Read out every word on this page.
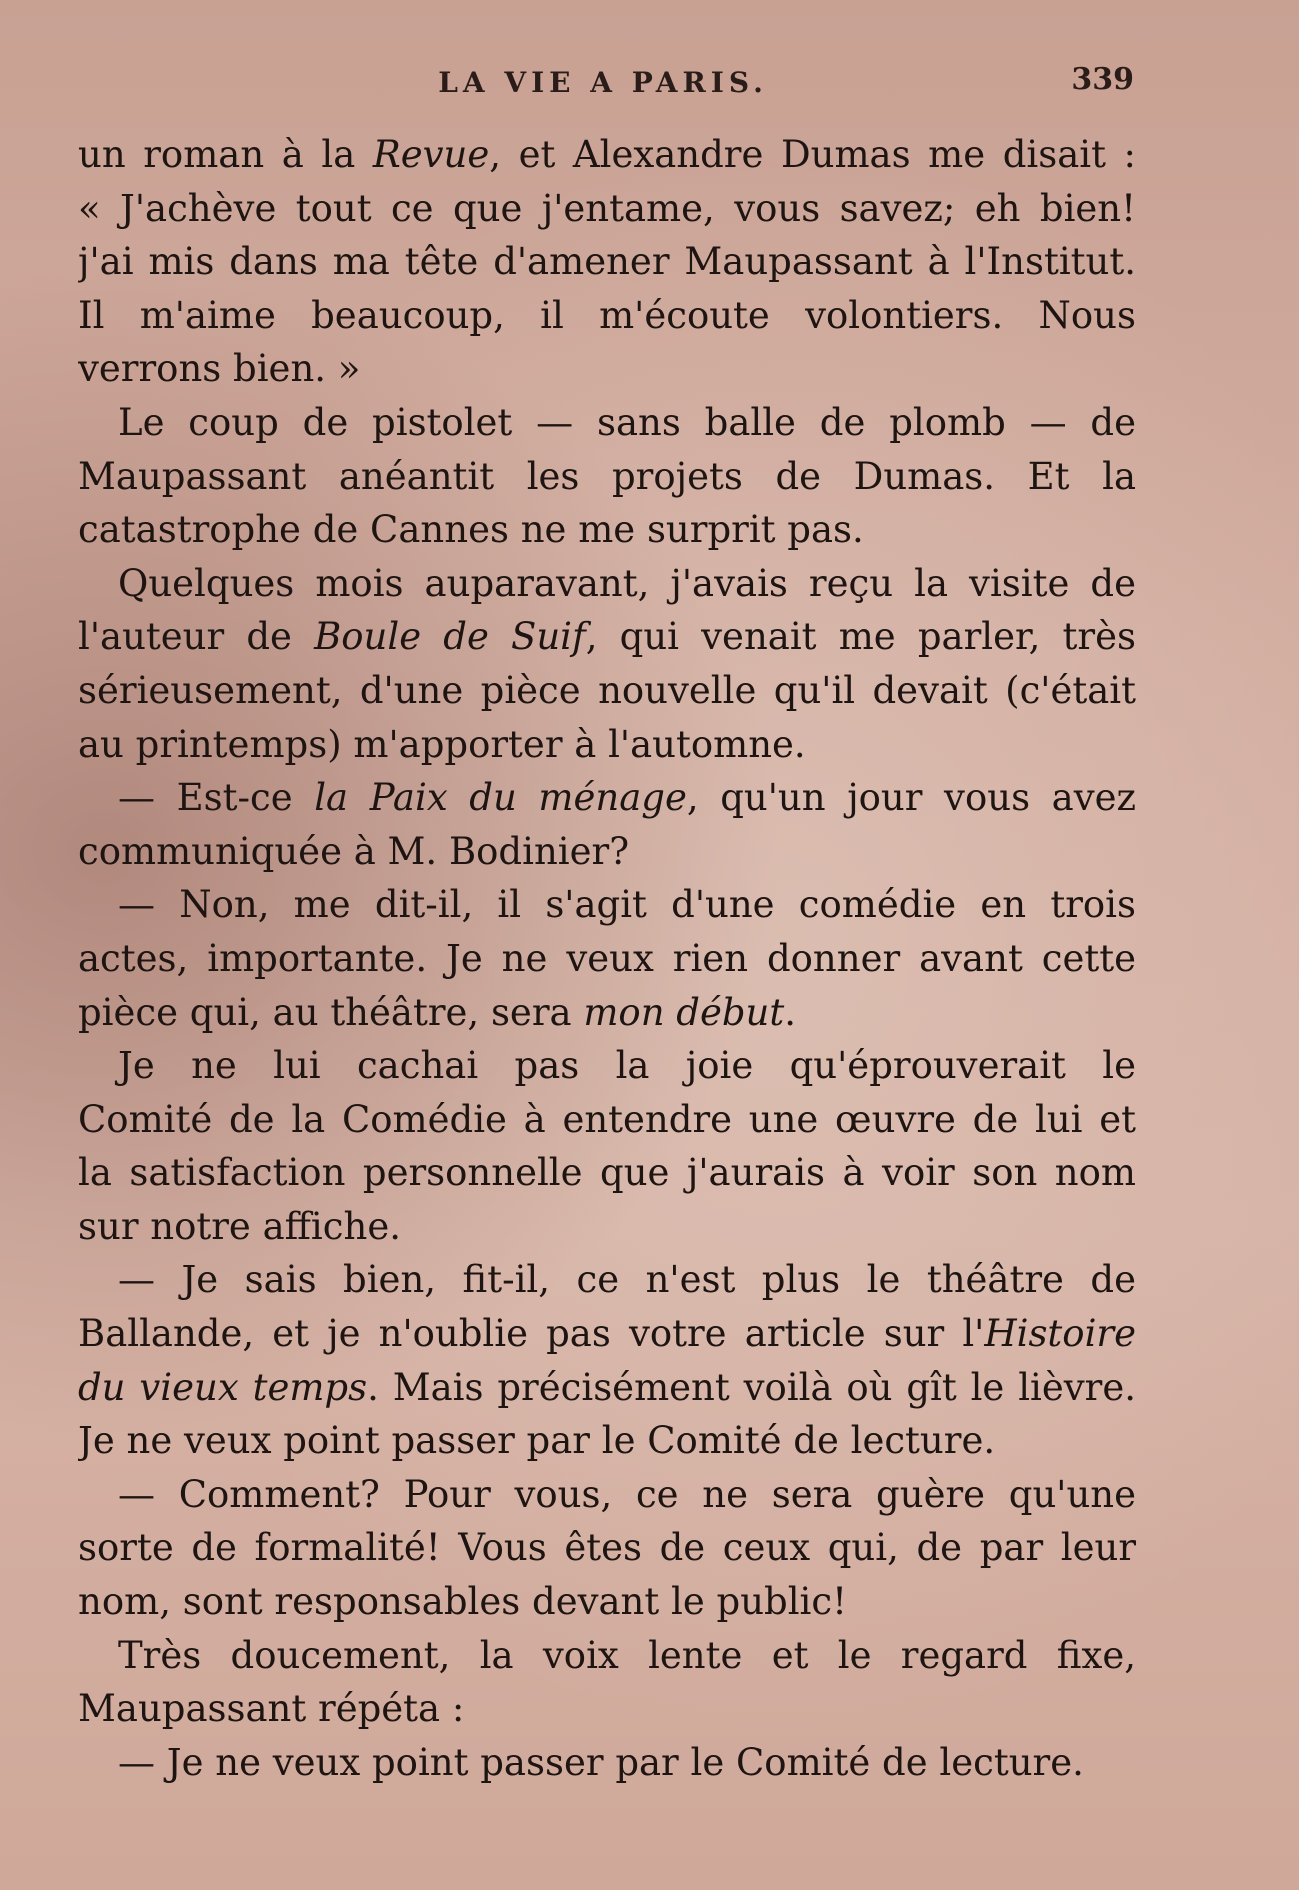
LA VIE A PARIS.	339
un roman à la Revue, et Alexandre Dumas me disait :
« J'achève tout ce que j'entame, vous savez; eh bien!
j'ai mis dans ma tête d'amener Maupassant à l'Institut.
Il m'aime beaucoup, il m'écoute volontiers. Nous
verrons bien. »
Le coup de pistolet — sans balle de plomb — de
Maupassant anéantit les projets de Dumas. Et la
catastrophe de Cannes ne me surprit pas.
Quelques mois auparavant, j'avais reçu la visite de
l'auteur de Boule de Suif, qui venait me parler, très
sérieusement, d'une pièce nouvelle qu'il devait (c'était
au printemps) m'apporter à l'automne.
— Est-ce la Paix du ménage, qu'un jour vous avez
communiquée à M. Bodinier?
— Non, me dit-il, il s'agit d'une comédie en trois
actes, importante. Je ne veux rien donner avant cette
pièce qui, au théâtre, sera mon début.
Je ne lui cachai pas la joie qu'éprouverait le
Comité de la Comédie à entendre une œuvre de lui et
la satisfaction personnelle que j'aurais à voir son nom
sur notre affiche.
— Je sais bien, fit-il, ce n'est plus le théâtre de
Ballande, et je n'oublie pas votre article sur l'Histoire
du vieux temps. Mais précisément voilà où gît le lièvre.
Je ne veux point passer par le Comité de lecture.
— Comment? Pour vous, ce ne sera guère qu'une
sorte de formalité! Vous êtes de ceux qui, de par leur
nom, sont responsables devant le public!
Très doucement, la voix lente et le regard fixe,
Maupassant répéta :
— Je ne veux point passer par le Comité de lecture.
